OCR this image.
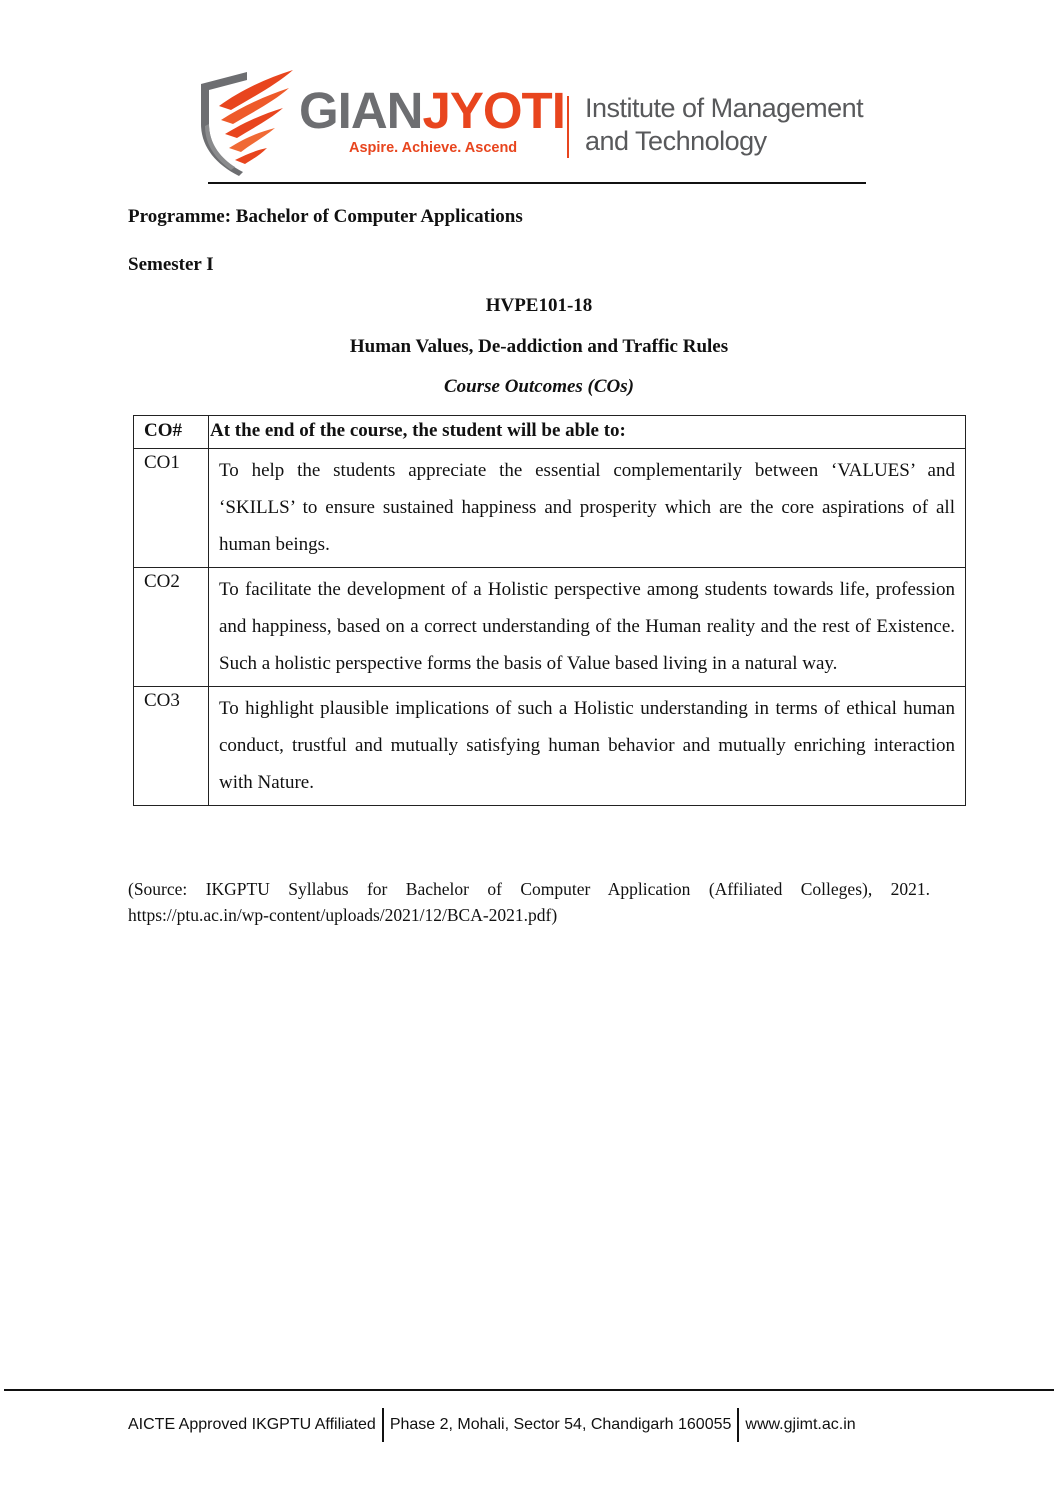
GIANJYOTI
Aspire. Achieve. Ascend
Institute of Management
and Technology
Programme: Bachelor of Computer Applications
Semester I
HVPE101-18
Human Values, De-addiction and Traffic Rules
Course Outcomes (COs)
CO#	At the end of the course, the student will be able to:
CO1	To help the students appreciate the essential complementarily between ‘VALUES’ and ‘SKILLS’ to ensure sustained happiness and prosperity which are the core aspirations of all human beings.
CO2	To facilitate the development of a Holistic perspective among students towards life, profession and happiness, based on a correct understanding of the Human reality and the rest of Existence. Such a holistic perspective forms the basis of Value based living in a natural way.
CO3	To highlight plausible implications of such a Holistic understanding in terms of ethical human conduct, trustful and mutually satisfying human behavior and mutually enriching interaction with Nature.
(Source: IKGPTU Syllabus for Bachelor of Computer Application (Affiliated Colleges), 2021. https://ptu.ac.in/wp-content/uploads/2021/12/BCA-2021.pdf)
AICTE Approved IKGPTU Affiliated Phase 2, Mohali, Sector 54, Chandigarh 160055 www.gjimt.ac.in
